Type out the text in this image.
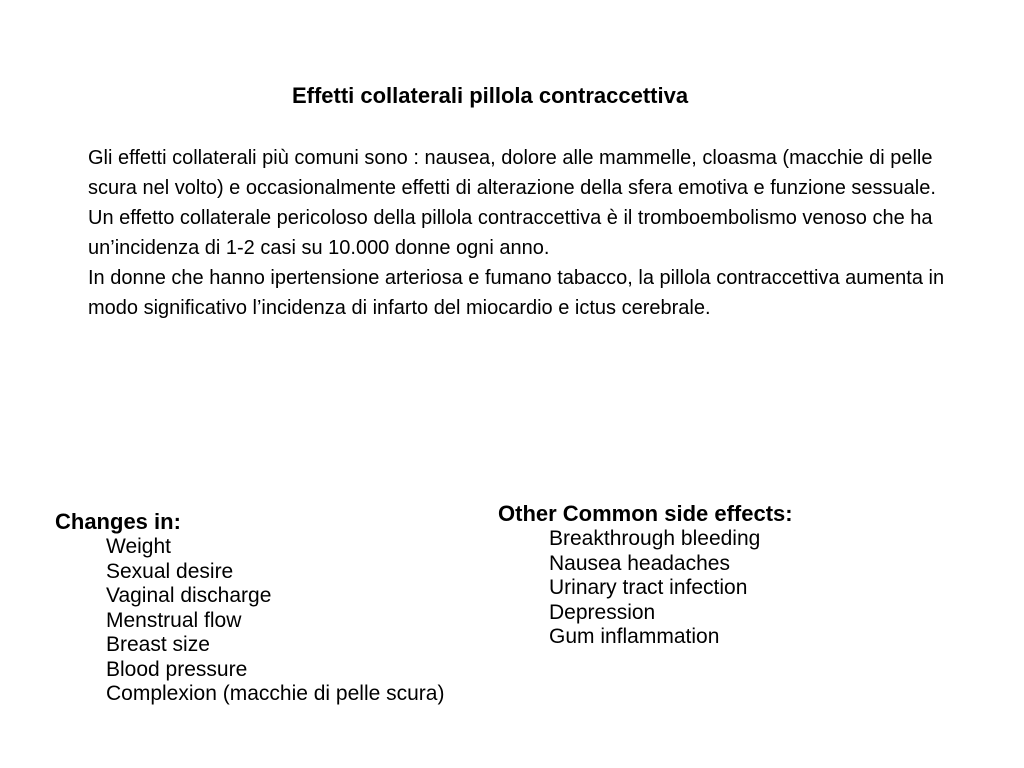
Effetti collaterali pillola contraccettiva

Gli effetti collaterali più comuni sono : nausea, dolore alle mammelle, cloasma (macchie di pelle scura nel volto) e occasionalmente effetti di alterazione della sfera emotiva e funzione sessuale.

Un effetto collaterale pericoloso della pillola contraccettiva è il tromboembolismo venoso che ha un’incidenza di 1-2 casi su 10.000 donne ogni anno.

In donne che hanno ipertensione arteriosa e fumano tabacco, la pillola contraccettiva aumenta in modo significativo l’incidenza di infarto del miocardio e ictus cerebrale.

Changes in:
Weight
Sexual desire
Vaginal discharge
Menstrual flow
Breast size
Blood pressure
Complexion (macchie di pelle scura)
Other Common side effects:
Breakthrough bleeding
Nausea headaches
Urinary tract infection
Depression
Gum inflammation
